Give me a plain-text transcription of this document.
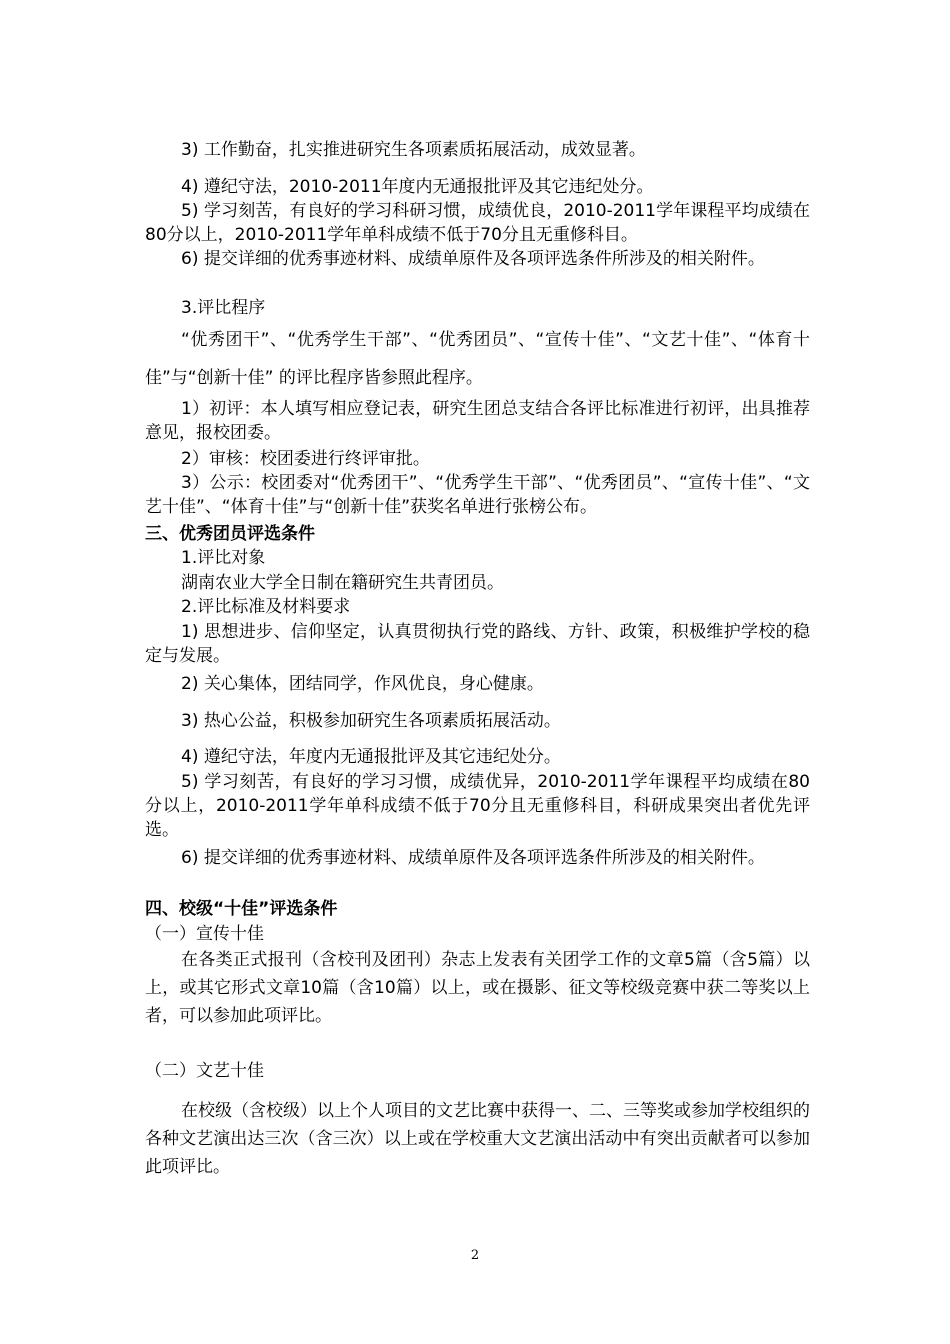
3) 工作勤奋，扎实推进研究生各项素质拓展活动，成效显著。

4) 遵纪守法，2010-2011年度内无通报批评及其它违纪处分。

5) 学习刻苦，有良好的学习科研习惯，成绩优良，2010-2011学年课程平均成绩在80分以上，2010-2011学年单科成绩不低于70分且无重修科目。

6) 提交详细的优秀事迹材料、成绩单原件及各项评选条件所涉及的相关附件。

3.评比程序

“优秀团干”、“优秀学生干部”、“优秀团员”、“宣传十佳”、“文艺十佳”、“体育十佳”与“创新十佳” 的评比程序皆参照此程序。

1）初评：本人填写相应登记表，研究生团总支结合各评比标准进行初评，出具推荐意见，报校团委。

2）审核：校团委进行终评审批。

3）公示：校团委对“优秀团干”、“优秀学生干部”、“优秀团员”、“宣传十佳”、“文艺十佳”、“体育十佳”与“创新十佳”获奖名单进行张榜公布。

三、优秀团员评选条件

1.评比对象

湖南农业大学全日制在籍研究生共青团员。

2.评比标准及材料要求

1) 思想进步、信仰坚定，认真贯彻执行党的路线、方针、政策，积极维护学校的稳定与发展。

2) 关心集体，团结同学，作风优良，身心健康。

3) 热心公益，积极参加研究生各项素质拓展活动。

4) 遵纪守法，年度内无通报批评及其它违纪处分。

5) 学习刻苦，有良好的学习习惯，成绩优异，2010-2011学年课程平均成绩在80分以上，2010-2011学年单科成绩不低于70分且无重修科目，科研成果突出者优先评选。

6) 提交详细的优秀事迹材料、成绩单原件及各项评选条件所涉及的相关附件。

四、校级“十佳”评选条件

（一）宣传十佳

在各类正式报刊（含校刊及团刊）杂志上发表有关团学工作的文章5篇（含5篇）以上，或其它形式文章10篇（含10篇）以上，或在摄影、征文等校级竞赛中获二等奖以上者，可以参加此项评比。

（二）文艺十佳

在校级（含校级）以上个人项目的文艺比赛中获得一、二、三等奖或参加学校组织的各种文艺演出达三次（含三次）以上或在学校重大文艺演出活动中有突出贡献者可以参加此项评比。

2
